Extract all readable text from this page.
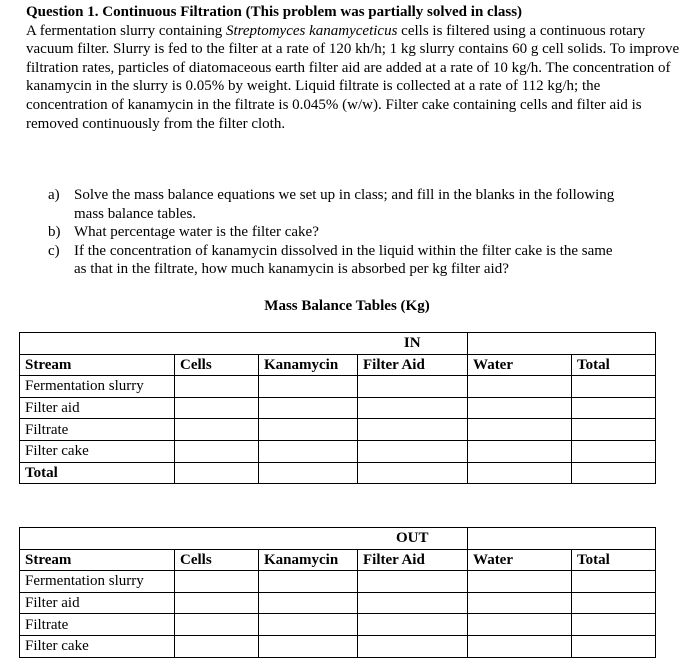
Question 1. Continuous Filtration (This problem was partially solved in class)
A fermentation slurry containing Streptomyces kanamyceticus cells is filtered using a continuous rotary vacuum filter. Slurry is fed to the filter at a rate of 120 kh/h; 1 kg slurry contains 60 g cell solids. To improve filtration rates, particles of diatomaceous earth filter aid are added at a rate of 10 kg/h. The concentration of kanamycin in the slurry is 0.05% by weight. Liquid filtrate is collected at a rate of 112 kg/h; the concentration of kanamycin in the filtrate is 0.045% (w/w). Filter cake containing cells and filter aid is removed continuously from the filter cloth.

a) Solve the mass balance equations we set up in class; and fill in the blanks in the following mass balance tables.
b) What percentage water is the filter cake?
c) If the concentration of kanamycin dissolved in the liquid within the filter cake is the same as that in the filtrate, how much kanamycin is absorbed per kg filter aid?

Mass Balance Tables (Kg)

			IN		
Stream	Cells	Kanamycin	Filter Aid	Water	Total
Fermentation slurry					
Filter aid					
Filtrate					
Filter cake					
Total					
			OUT		
Stream	Cells	Kanamycin	Filter Aid	Water	Total
Fermentation slurry					
Filter aid					
Filtrate					
Filter cake					
